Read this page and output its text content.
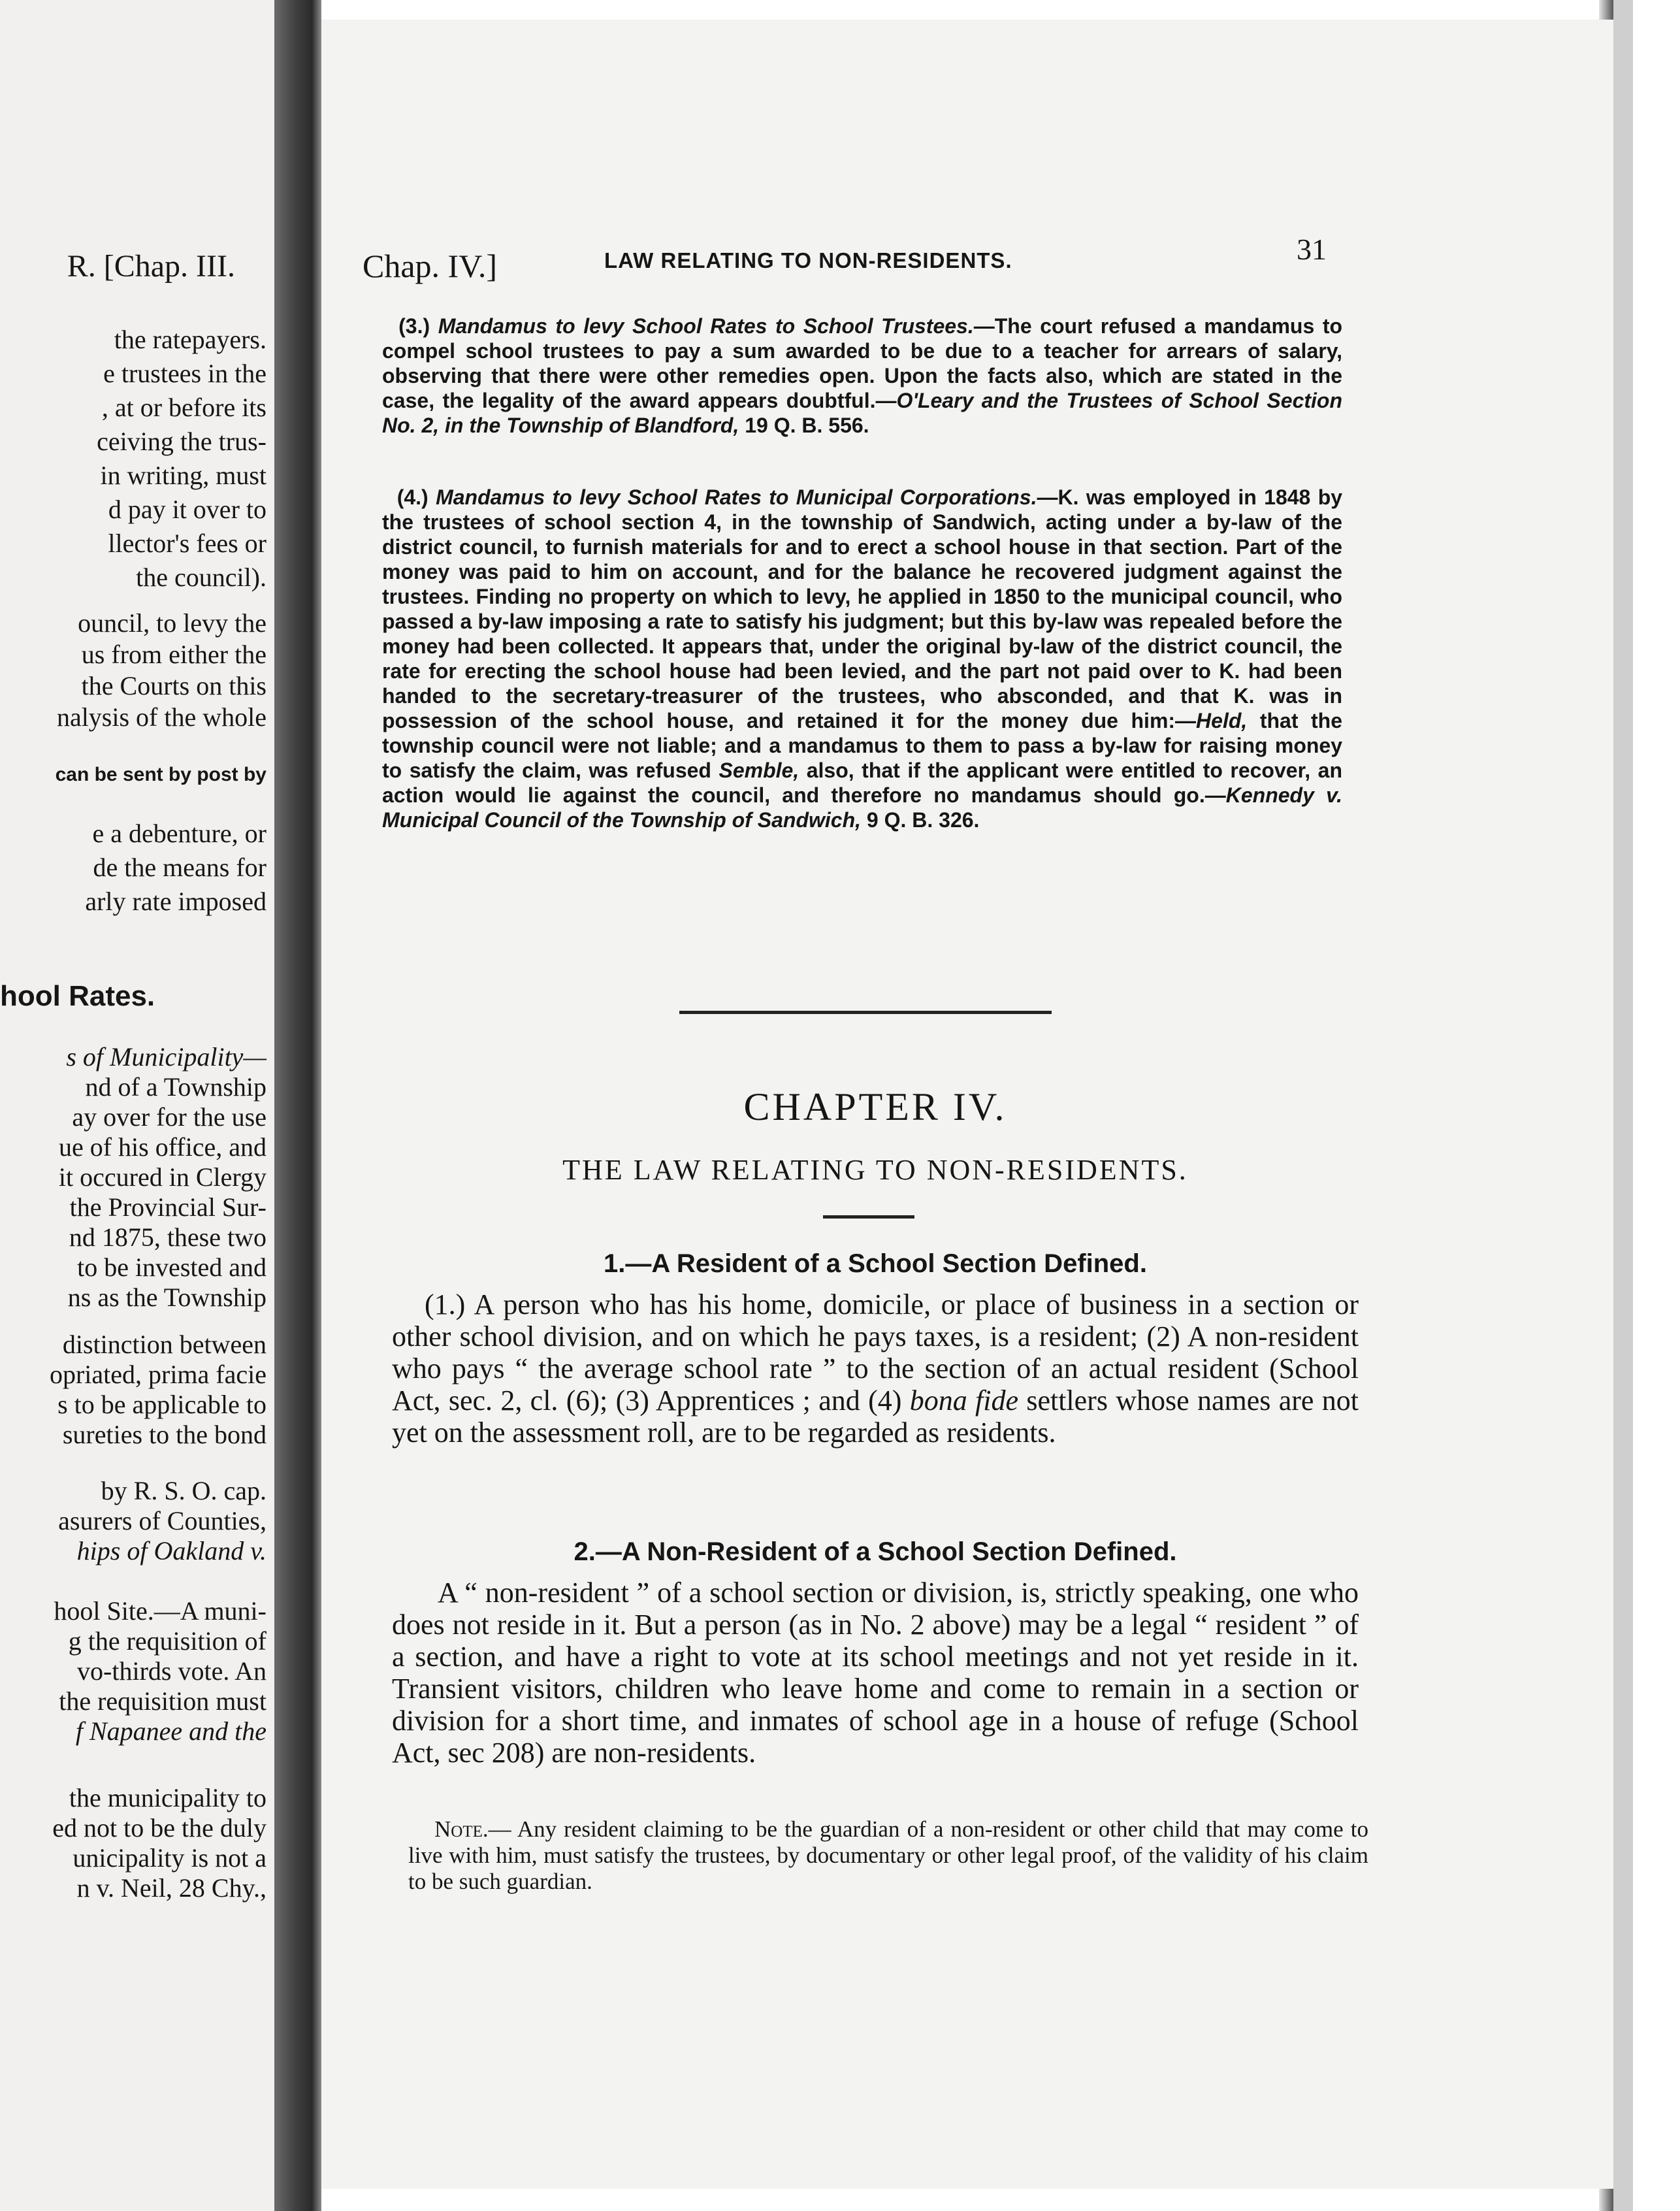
R. [Chap. III.
the ratepayers.
e trustees in the
, at or before its
ceiving the trus-
in writing, must
d pay it over to
llector's fees or
the council).
ouncil, to levy the
us from either the
the Courts on this
nalysis of the whole
can be sent by post by
e a debenture, or
de the means for
arly rate imposed
hool Rates.
s of Municipality—
nd of a Township
ay over for the use
ue of his office, and
it occured in Clergy
the Provincial Sur-
nd 1875, these two
to be invested and
ns as the Township
distinction between
opriated, prima facie
s to be applicable to
sureties to the bond
by R. S. O. cap.
asurers of Counties,
hips of Oakland v.
hool Site.—A muni-
g the requisition of
vo-thirds vote. An
the requisition must
f Napanee and the
the municipality to
ed not to be the duly
unicipality is not a
n v. Neil, 28 Chy.,
Chap. IV.]	LAW RELATING TO NON-RESIDENTS.	31
(3.) Mandamus to levy School Rates to School Trustees.—The court refused a mandamus to compel school trustees to pay a sum awarded to be due to a teacher for arrears of salary, observing that there were other remedies open. Upon the facts also, which are stated in the case, the legality of the award appears doubtful.—O'Leary and the Trustees of School Section No. 2, in the Township of Blandford, 19 Q. B. 556.
(4.) Mandamus to levy School Rates to Municipal Corporations.—K. was employed in 1848 by the trustees of school section 4, in the township of Sandwich, acting under a by-law of the district council, to furnish materials for and to erect a school house in that section. Part of the money was paid to him on account, and for the balance he recovered judgment against the trustees. Finding no property on which to levy, he applied in 1850 to the municipal council, who passed a by-law imposing a rate to satisfy his judgment; but this by-law was repealed before the money had been collected. It appears that, under the original by-law of the district council, the rate for erecting the school house had been levied, and the part not paid over to K. had been handed to the secretary-treasurer of the trustees, who absconded, and that K. was in possession of the school house, and retained it for the money due him:—Held, that the township council were not liable; and a mandamus to them to pass a by-law for raising money to satisfy the claim, was refused Semble, also, that if the applicant were entitled to recover, an action would lie against the council, and therefore no mandamus should go.—Kennedy v. Municipal Council of the Township of Sandwich, 9 Q. B. 326.
CHAPTER IV.
THE LAW RELATING TO NON-RESIDENTS.
1.—A Resident of a School Section Defined.
(1.) A person who has his home, domicile, or place of business in a section or other school division, and on which he pays taxes, is a resident; (2) A non-resident who pays “ the average school rate ” to the section of an actual resident (School Act, sec. 2, cl. (6); (3) Apprentices ; and (4) bona fide settlers whose names are not yet on the assessment roll, are to be regarded as residents.
2.—A Non-Resident of a School Section Defined.
A “ non-resident ” of a school section or division, is, strictly speaking, one who does not reside in it. But a person (as in No. 2 above) may be a legal “ resident ” of a section, and have a right to vote at its school meetings and not yet reside in it. Transient visitors, children who leave home and come to remain in a section or division for a short time, and inmates of school age in a house of refuge (School Act, sec 208) are non-residents.
Note.— Any resident claiming to be the guardian of a non-resident or other child that may come to live with him, must satisfy the trustees, by documentary or other legal proof, of the validity of his claim to be such guardian.
